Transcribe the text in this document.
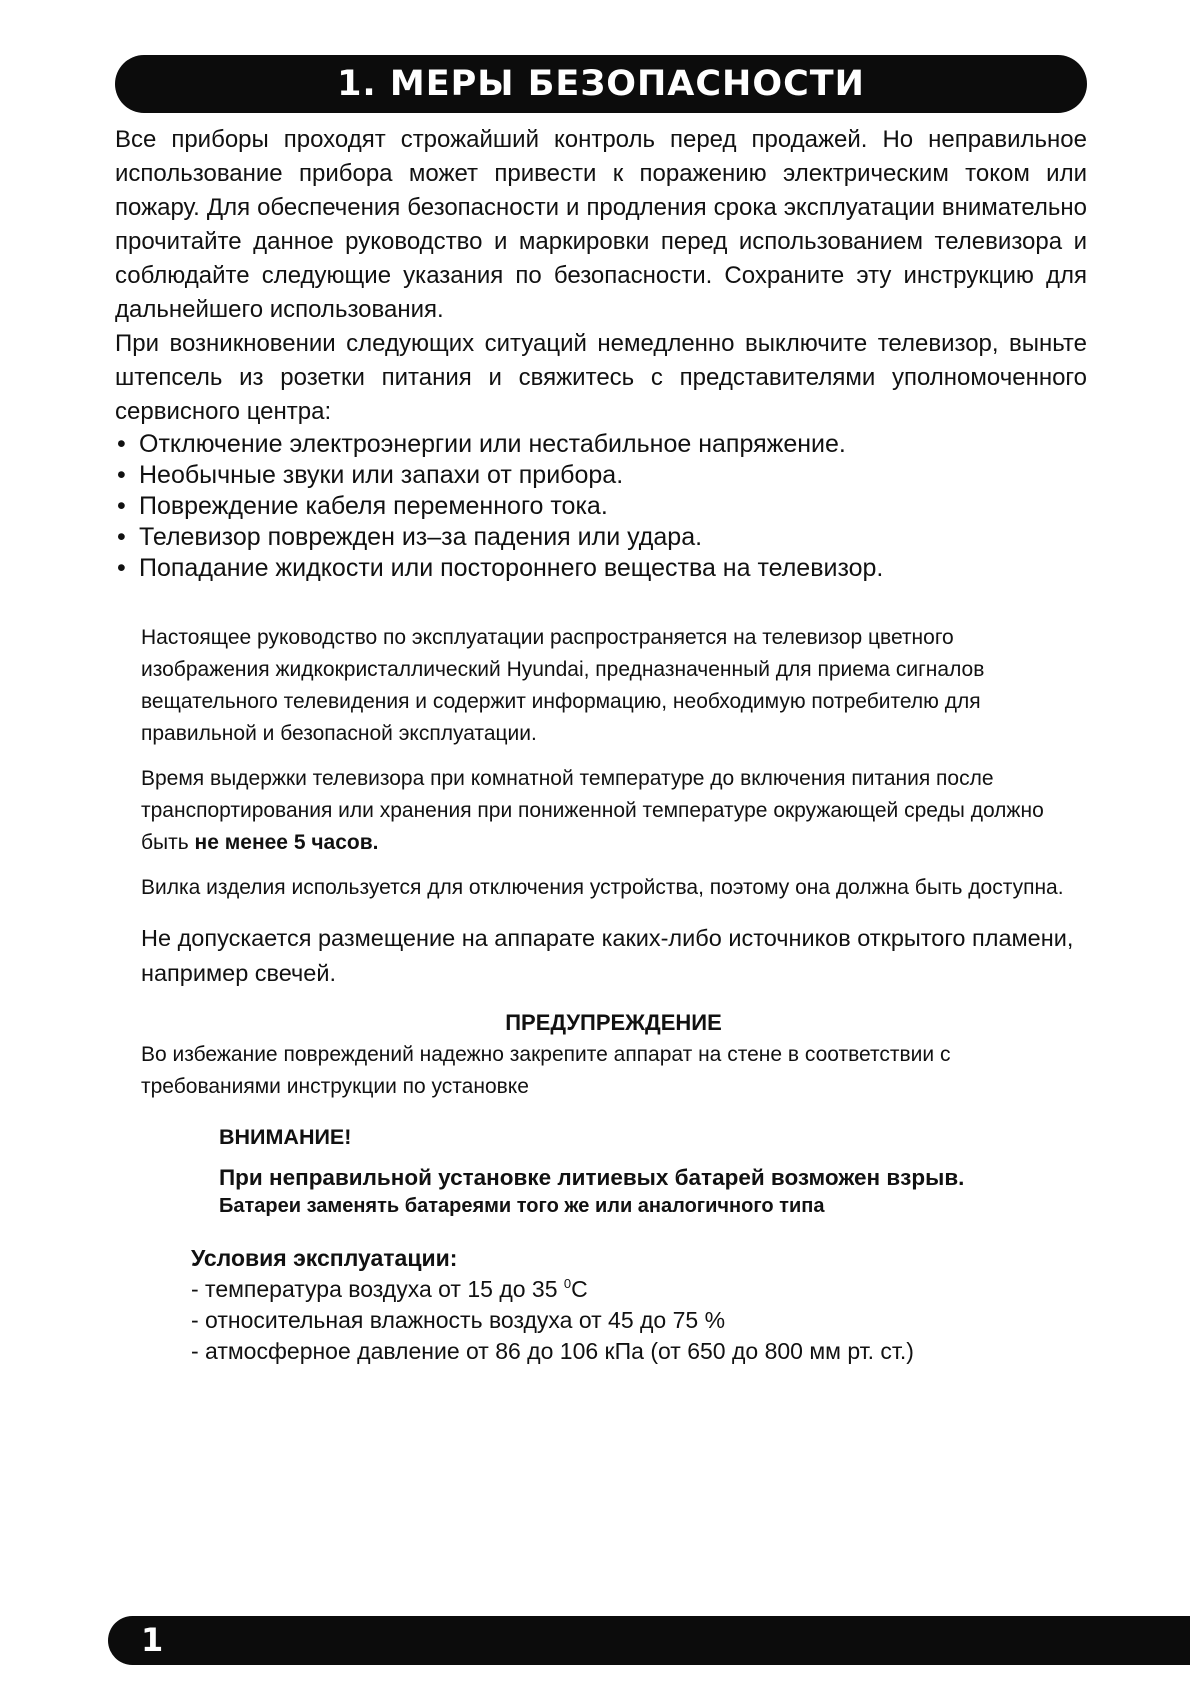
1. МЕРЫ БЕЗОПАСНОСТИ

Все приборы проходят строжайший контроль перед продажей. Но неправильное использование прибора может привести к поражению электрическим током или пожару. Для обеспечения безопасности и продления срока эксплуатации внимательно прочитайте данное руководство и маркировки перед использованием телевизора и соблюдайте следующие указания по безопасности. Сохраните эту инструкцию для дальнейшего использования.

При возникновении следующих ситуаций немедленно выключите телевизор, выньте штепсель из розетки питания и свяжитесь с представителями уполномоченного сервисного центра:

• Отключение электроэнергии или нестабильное напряжение.
• Необычные звуки или запахи от прибора.
• Повреждение кабеля переменного тока.
• Телевизор поврежден из–за падения или удара.
• Попадание жидкости или постороннего вещества на телевизор.

Настоящее руководство по эксплуатации распространяется на телевизор цветного изображения жидкокристаллический Hyundai, предназначенный для приема сигналов вещательного телевидения и содержит информацию, необходимую потребителю для правильной и безопасной эксплуатации.

Время выдержки телевизора при комнатной температуре до включения питания после транспортирования или хранения при пониженной температуре окружающей среды должно быть не менее 5 часов.

Вилка изделия используется для отключения устройства, поэтому она должна быть доступна.

Не допускается размещение на аппарате каких-либо источников открытого пламени, например свечей.

ПРЕДУПРЕЖДЕНИЕ

Во избежание повреждений надежно закрепите аппарат на стене в соответствии с требованиями инструкции по установке

ВНИМАНИЕ!
При неправильной установке литиевых батарей возможен взрыв.
Батареи заменять батареями того же или аналогичного типа
Условия эксплуатации:
- температура воздуха от 15 до 35 $^0$С
- относительная влажность воздуха от 45 до 75 %
- атмосферное давление от 86 до 106 кПа (от 650 до 800 мм рт. ст.)
1
